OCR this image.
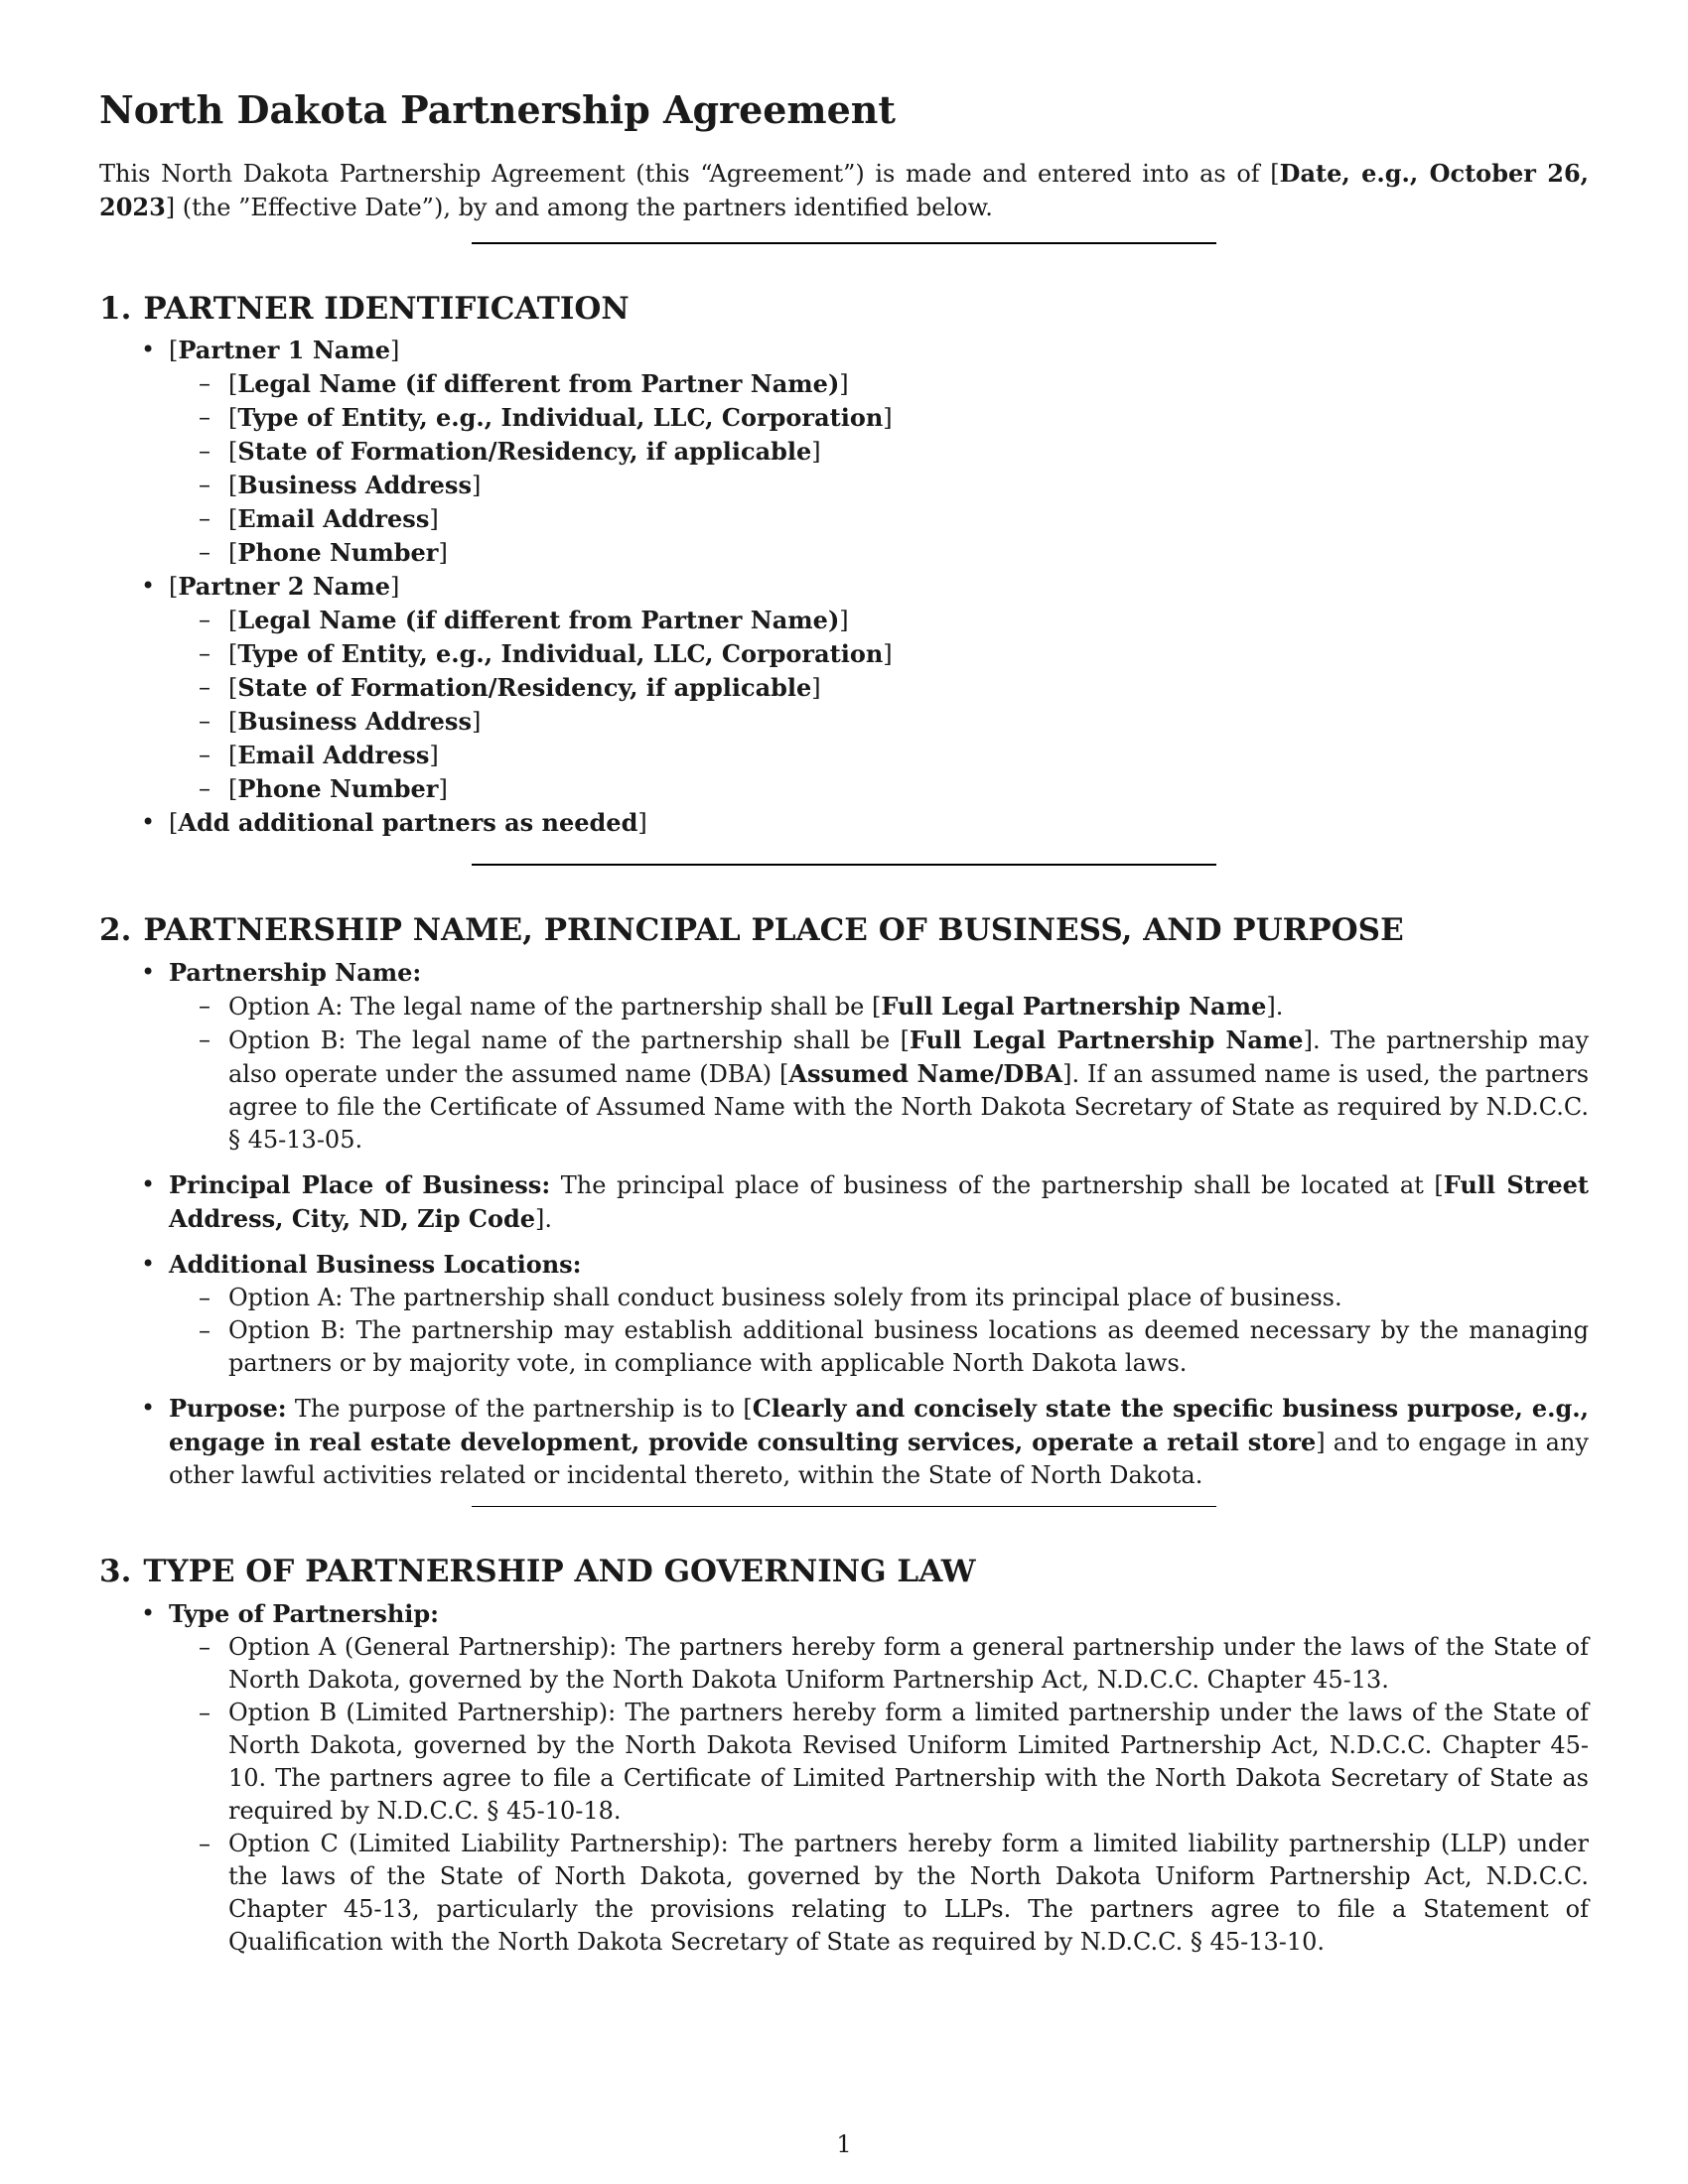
North Dakota Partnership Agreement

This North Dakota Partnership Agreement (this “Agreement”) is made and entered into as of [Date, e.g., October 26, 2023] (the ”Effective Date”), by and among the partners identified below.

1. PARTNER IDENTIFICATION
• [Partner 1 Name]
– [Legal Name (if different from Partner Name)]
– [Type of Entity, e.g., Individual, LLC, Corporation]
– [State of Formation/Residency, if applicable]
– [Business Address]
– [Email Address]
– [Phone Number]
• [Partner 2 Name]
– [Legal Name (if different from Partner Name)]
– [Type of Entity, e.g., Individual, LLC, Corporation]
– [State of Formation/Residency, if applicable]
– [Business Address]
– [Email Address]
– [Phone Number]
• [Add additional partners as needed]
2. PARTNERSHIP NAME, PRINCIPAL PLACE OF BUSINESS, AND PURPOSE
• Partnership Name:
– Option A: The legal name of the partnership shall be [Full Legal Partnership Name].
– Option B: The legal name of the partnership shall be [Full Legal Partnership Name]. The partnership may also operate under the assumed name (DBA) [Assumed Name/DBA]. If an assumed name is used, the partners agree to file the Certificate of Assumed Name with the North Dakota Secretary of State as required by N.D.C.C. § 45-13-05.
• Principal Place of Business: The principal place of business of the partnership shall be located at [Full Street Address, City, ND, Zip Code].
• Additional Business Locations:
– Option A: The partnership shall conduct business solely from its principal place of business.
– Option B: The partnership may establish additional business locations as deemed necessary by the managing partners or by majority vote, in compliance with applicable North Dakota laws.
• Purpose: The purpose of the partnership is to [Clearly and concisely state the specific business purpose, e.g., engage in real estate development, provide consulting services, operate a retail store] and to engage in any other lawful activities related or incidental thereto, within the State of North Dakota.
3. TYPE OF PARTNERSHIP AND GOVERNING LAW
• Type of Partnership:
– Option A (General Partnership): The partners hereby form a general partnership under the laws of the State of North Dakota, governed by the North Dakota Uniform Partnership Act, N.D.C.C. Chapter 45-13.
– Option B (Limited Partnership): The partners hereby form a limited partnership under the laws of the State of North Dakota, governed by the North Dakota Revised Uniform Limited Partnership Act, N.D.C.C. Chapter 45-10. The partners agree to file a Certificate of Limited Partnership with the North Dakota Secretary of State as required by N.D.C.C. § 45-10-18.
– Option C (Limited Liability Partnership): The partners hereby form a limited liability partnership (LLP) under the laws of the State of North Dakota, governed by the North Dakota Uniform Partnership Act, N.D.C.C. Chapter 45-13, particularly the provisions relating to LLPs. The partners agree to file a Statement of Qualification with the North Dakota Secretary of State as required by N.D.C.C. § 45-13-10.
1
